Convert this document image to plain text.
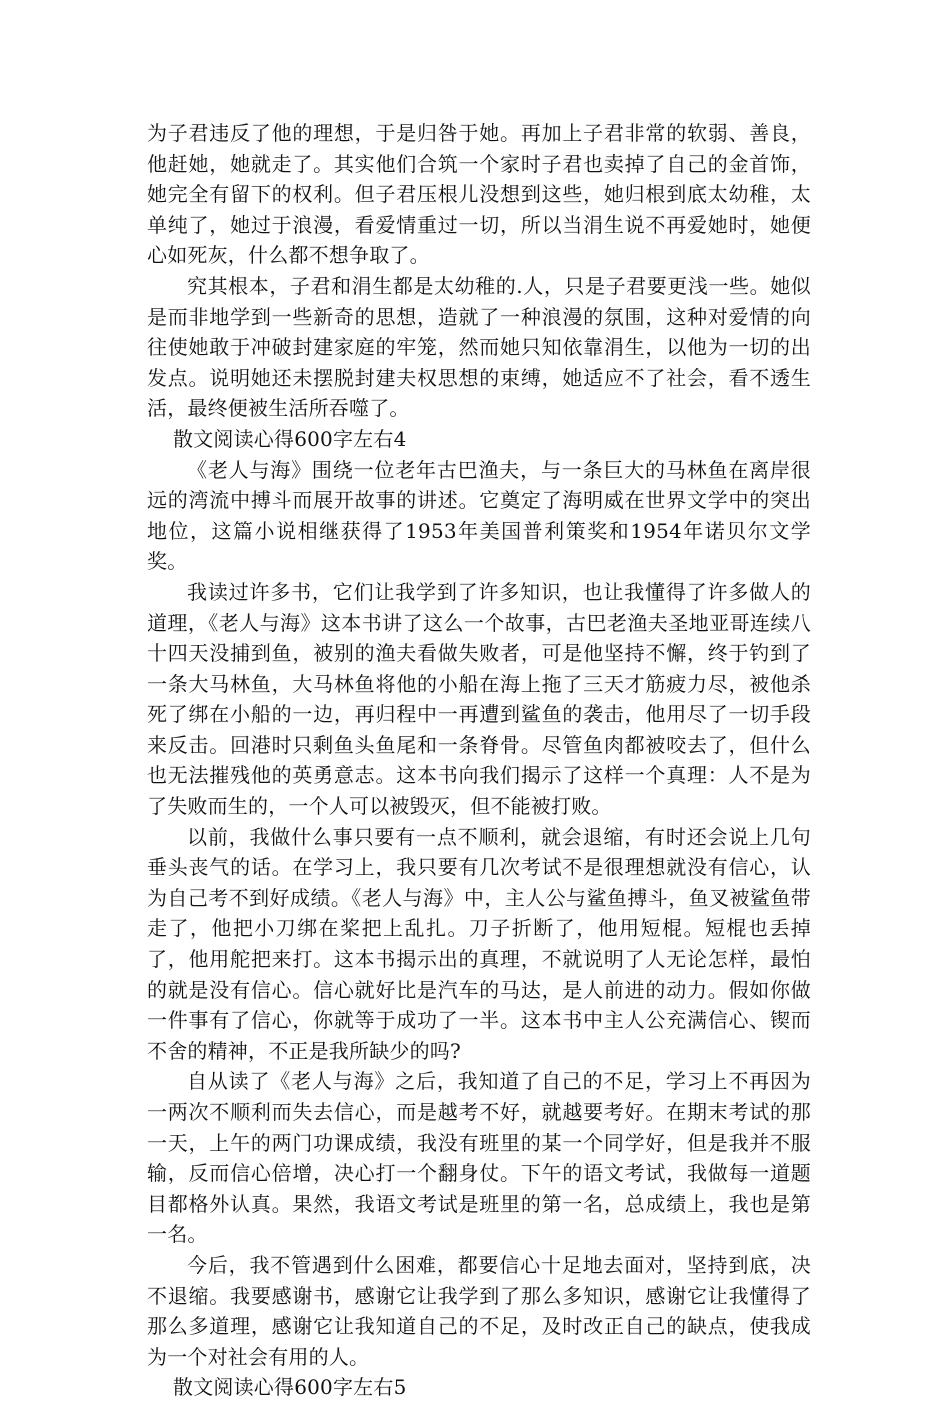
为子君违反了他的理想，于是归咎于她。再加上子君非常的软弱、善良，他赶她，她就走了。其实他们合筑一个家时子君也卖掉了自己的金首饰，她完全有留下的权利。但子君压根儿没想到这些，她归根到底太幼稚，太单纯了，她过于浪漫，看爱情重过一切，所以当涓生说不再爱她时，她便心如死灰，什么都不想争取了。

究其根本，子君和涓生都是太幼稚的.人，只是子君要更浅一些。她似是而非地学到一些新奇的思想，造就了一种浪漫的氛围，这种对爱情的向往使她敢于冲破封建家庭的牢笼，然而她只知依靠涓生，以他为一切的出发点。说明她还未摆脱封建夫权思想的束缚，她适应不了社会，看不透生活，最终便被生活所吞噬了。

散文阅读心得600字左右4

《老人与海》围绕一位老年古巴渔夫，与一条巨大的马林鱼在离岸很远的湾流中搏斗而展开故事的讲述。它奠定了海明威在世界文学中的突出地位，这篇小说相继获得了1953年美国普利策奖和1954年诺贝尔文学奖。

我读过许多书，它们让我学到了许多知识，也让我懂得了许多做人的道理，《老人与海》这本书讲了这么一个故事，古巴老渔夫圣地亚哥连续八十四天没捕到鱼，被别的渔夫看做失败者，可是他坚持不懈，终于钓到了一条大马林鱼，大马林鱼将他的小船在海上拖了三天才筋疲力尽，被他杀死了绑在小船的一边，再归程中一再遭到鲨鱼的袭击，他用尽了一切手段来反击。回港时只剩鱼头鱼尾和一条脊骨。尽管鱼肉都被咬去了，但什么也无法摧残他的英勇意志。这本书向我们揭示了这样一个真理：人不是为了失败而生的，一个人可以被毁灭，但不能被打败。

以前，我做什么事只要有一点不顺利，就会退缩，有时还会说上几句垂头丧气的话。在学习上，我只要有几次考试不是很理想就没有信心，认为自己考不到好成绩。《老人与海》中，主人公与鲨鱼搏斗，鱼叉被鲨鱼带走了，他把小刀绑在桨把上乱扎。刀子折断了，他用短棍。短棍也丢掉了，他用舵把来打。这本书揭示出的真理，不就说明了人无论怎样，最怕的就是没有信心。信心就好比是汽车的马达，是人前进的动力。假如你做一件事有了信心，你就等于成功了一半。这本书中主人公充满信心、锲而不舍的精神，不正是我所缺少的吗?

自从读了《老人与海》之后，我知道了自己的不足，学习上不再因为一两次不顺利而失去信心，而是越考不好，就越要考好。在期末考试的那一天，上午的两门功课成绩，我没有班里的某一个同学好，但是我并不服输，反而信心倍增，决心打一个翻身仗。下午的语文考试，我做每一道题目都格外认真。果然，我语文考试是班里的第一名，总成绩上，我也是第一名。

今后，我不管遇到什么困难，都要信心十足地去面对，坚持到底，决不退缩。我要感谢书，感谢它让我学到了那么多知识，感谢它让我懂得了那么多道理，感谢它让我知道自己的不足，及时改正自己的缺点，使我成为一个对社会有用的人。

散文阅读心得600字左右5
